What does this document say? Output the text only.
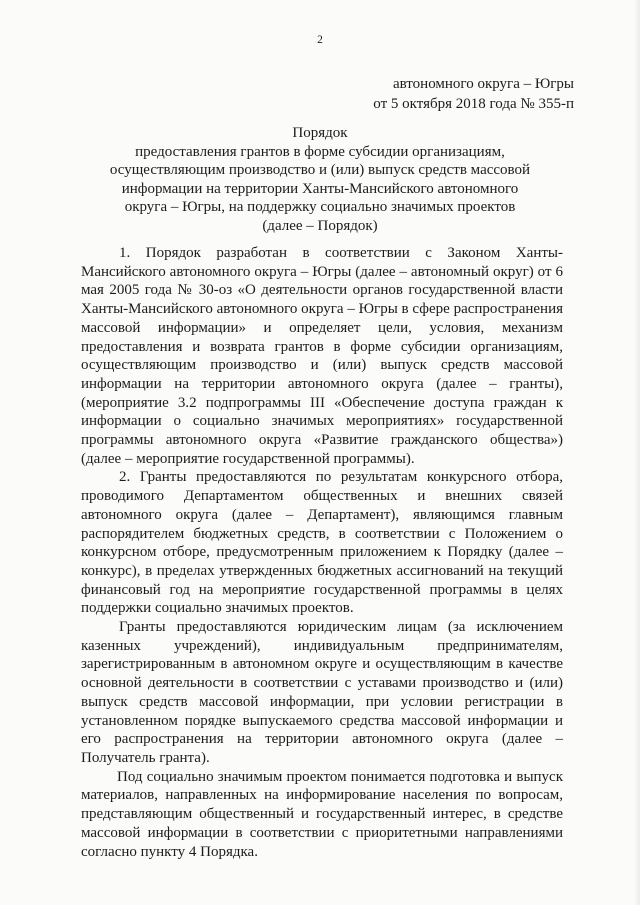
2
автономного округа – Югры
от 5 октября 2018 года № 355-п
Порядок
предоставления грантов в форме субсидии организациям,
осуществляющим производство и (или) выпуск средств массовой
информации на территории Ханты-Мансийского автономного
округа – Югры, на поддержку социально значимых проектов
(далее – Порядок)

1. Порядок разработан в соответствии с Законом Ханты-Мансийского автономного округа – Югры (далее – автономный округ) от 6 мая 2005 года № 30-оз «О деятельности органов государственной власти Ханты-Мансийского автономного округа – Югры в сфере распространения массовой информации» и определяет цели, условия, механизм предоставления и возврата грантов в форме субсидии организациям, осуществляющим производство и (или) выпуск средств массовой информации на территории автономного округа (далее – гранты), (мероприятие 3.2 подпрограммы III «Обеспечение доступа граждан к информации о социально значимых мероприятиях» государственной программы автономного округа «Развитие гражданского общества») (далее – мероприятие государственной программы).

2. Гранты предоставляются по результатам конкурсного отбора, проводимого Департаментом общественных и внешних связей автономного округа (далее – Департамент), являющимся главным распорядителем бюджетных средств, в соответствии с Положением о конкурсном отборе, предусмотренным приложением к Порядку (далее – конкурс), в пределах утвержденных бюджетных ассигнований на текущий финансовый год на мероприятие государственной программы в целях поддержки социально значимых проектов.

Гранты предоставляются юридическим лицам (за исключением казенных учреждений), индивидуальным предпринимателям, зарегистрированным в автономном округе и осуществляющим в качестве основной деятельности в соответствии с уставами производство и (или) выпуск средств массовой информации, при условии регистрации в установленном порядке выпускаемого средства массовой информации и его распространения на территории автономного округа (далее – Получатель гранта).

Под социально значимым проектом понимается подготовка и выпуск материалов, направленных на информирование населения по вопросам, представляющим общественный и государственный интерес, в средстве массовой информации в соответствии с приоритетными направлениями согласно пункту 4 Порядка.
